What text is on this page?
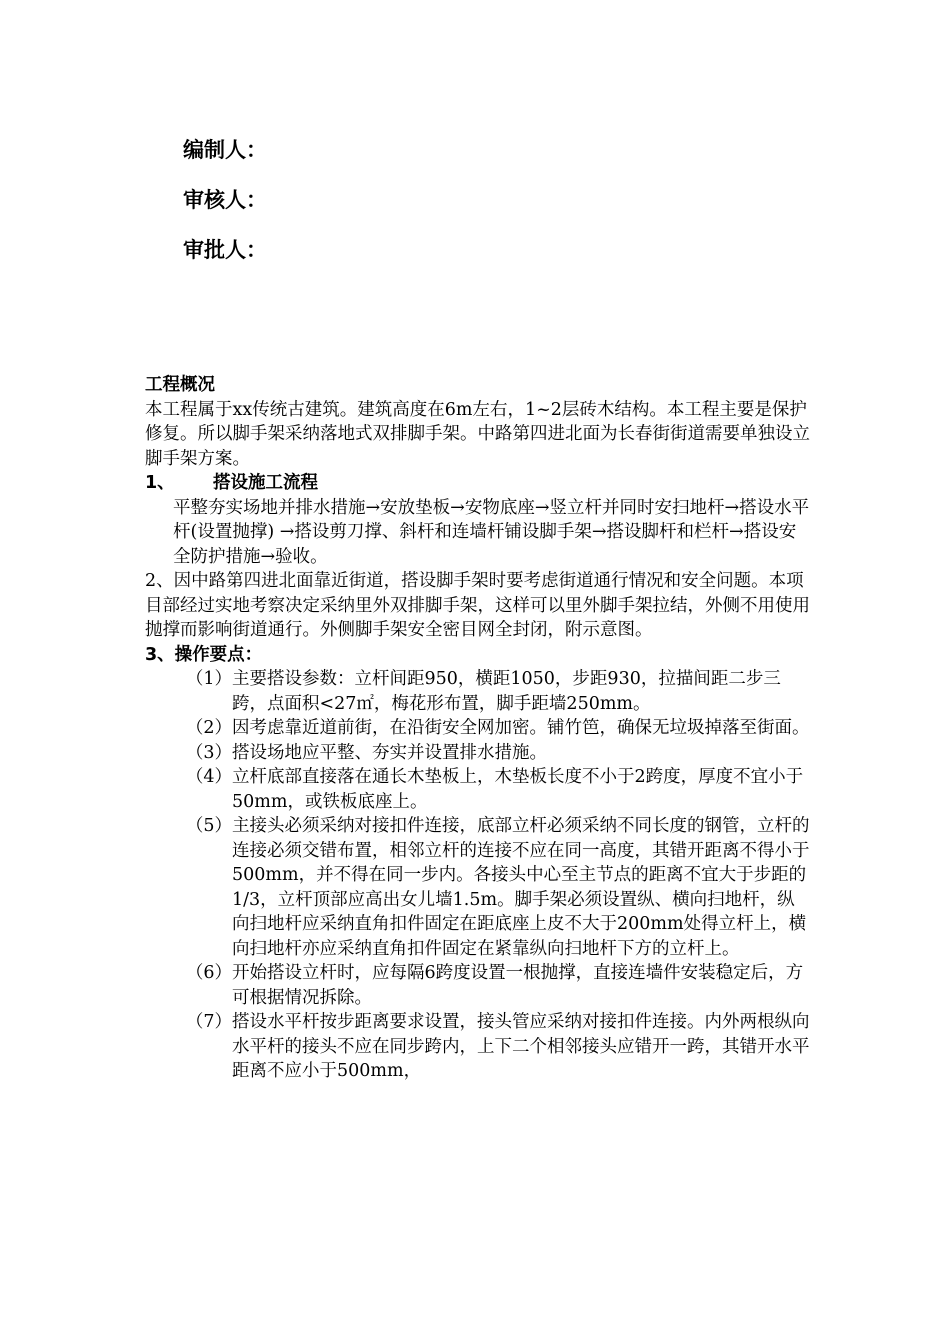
编制人：
审核人：
审批人：

工程概况

本工程属于xx传统古建筑。建筑高度在6m左右，1~2层砖木结构。本工程主要是保护修复。所以脚手架采纳落地式双排脚手架。中路第四进北面为长春街街道需要单独设立脚手架方案。

1、	搭设施工流程

平整夯实场地并排水措施→安放垫板→安物底座→竖立杆并同时安扫地杆→搭设水平杆(设置抛撑) →搭设剪刀撑、斜杆和连墙杆铺设脚手架→搭设脚杆和栏杆→搭设安全防护措施→验收。

2、因中路第四进北面靠近街道，搭设脚手架时要考虑街道通行情况和安全问题。本项目部经过实地考察决定采纳里外双排脚手架，这样可以里外脚手架拉结，外侧不用使用抛撑而影响街道通行。外侧脚手架安全密目网全封闭，附示意图。

3、操作要点：

（1） 主要搭设参数：立杆间距950，横距1050，步距930，拉描间距二步三跨，点面积<27㎡，梅花形布置，脚手距墙250mm。
（2） 因考虑靠近道前街，在沿街安全网加密。铺竹笆，确保无垃圾掉落至街面。
（3） 搭设场地应平整、夯实并设置排水措施。
（4） 立杆底部直接落在通长木垫板上，木垫板长度不小于2跨度，厚度不宜小于50mm，或铁板底座上。
（5） 主接头必须采纳对接扣件连接，底部立杆必须采纳不同长度的钢管，立杆的连接必须交错布置，相邻立杆的连接不应在同一高度，其错开距离不得小于500mm，并不得在同一步内。各接头中心至主节点的距离不宜大于步距的1/3，立杆顶部应高出女儿墙1.5m。脚手架必须设置纵、横向扫地杆，纵向扫地杆应采纳直角扣件固定在距底座上皮不大于200mm处得立杆上，横向扫地杆亦应采纳直角扣件固定在紧靠纵向扫地杆下方的立杆上。
（6） 开始搭设立杆时，应每隔6跨度设置一根抛撑，直接连墙件安装稳定后，方可根据情况拆除。
（7） 搭设水平杆按步距离要求设置，接头管应采纳对接扣件连接。内外两根纵向水平杆的接头不应在同步跨内，上下二个相邻接头应错开一跨，其错开水平距离不应小于500mm，
